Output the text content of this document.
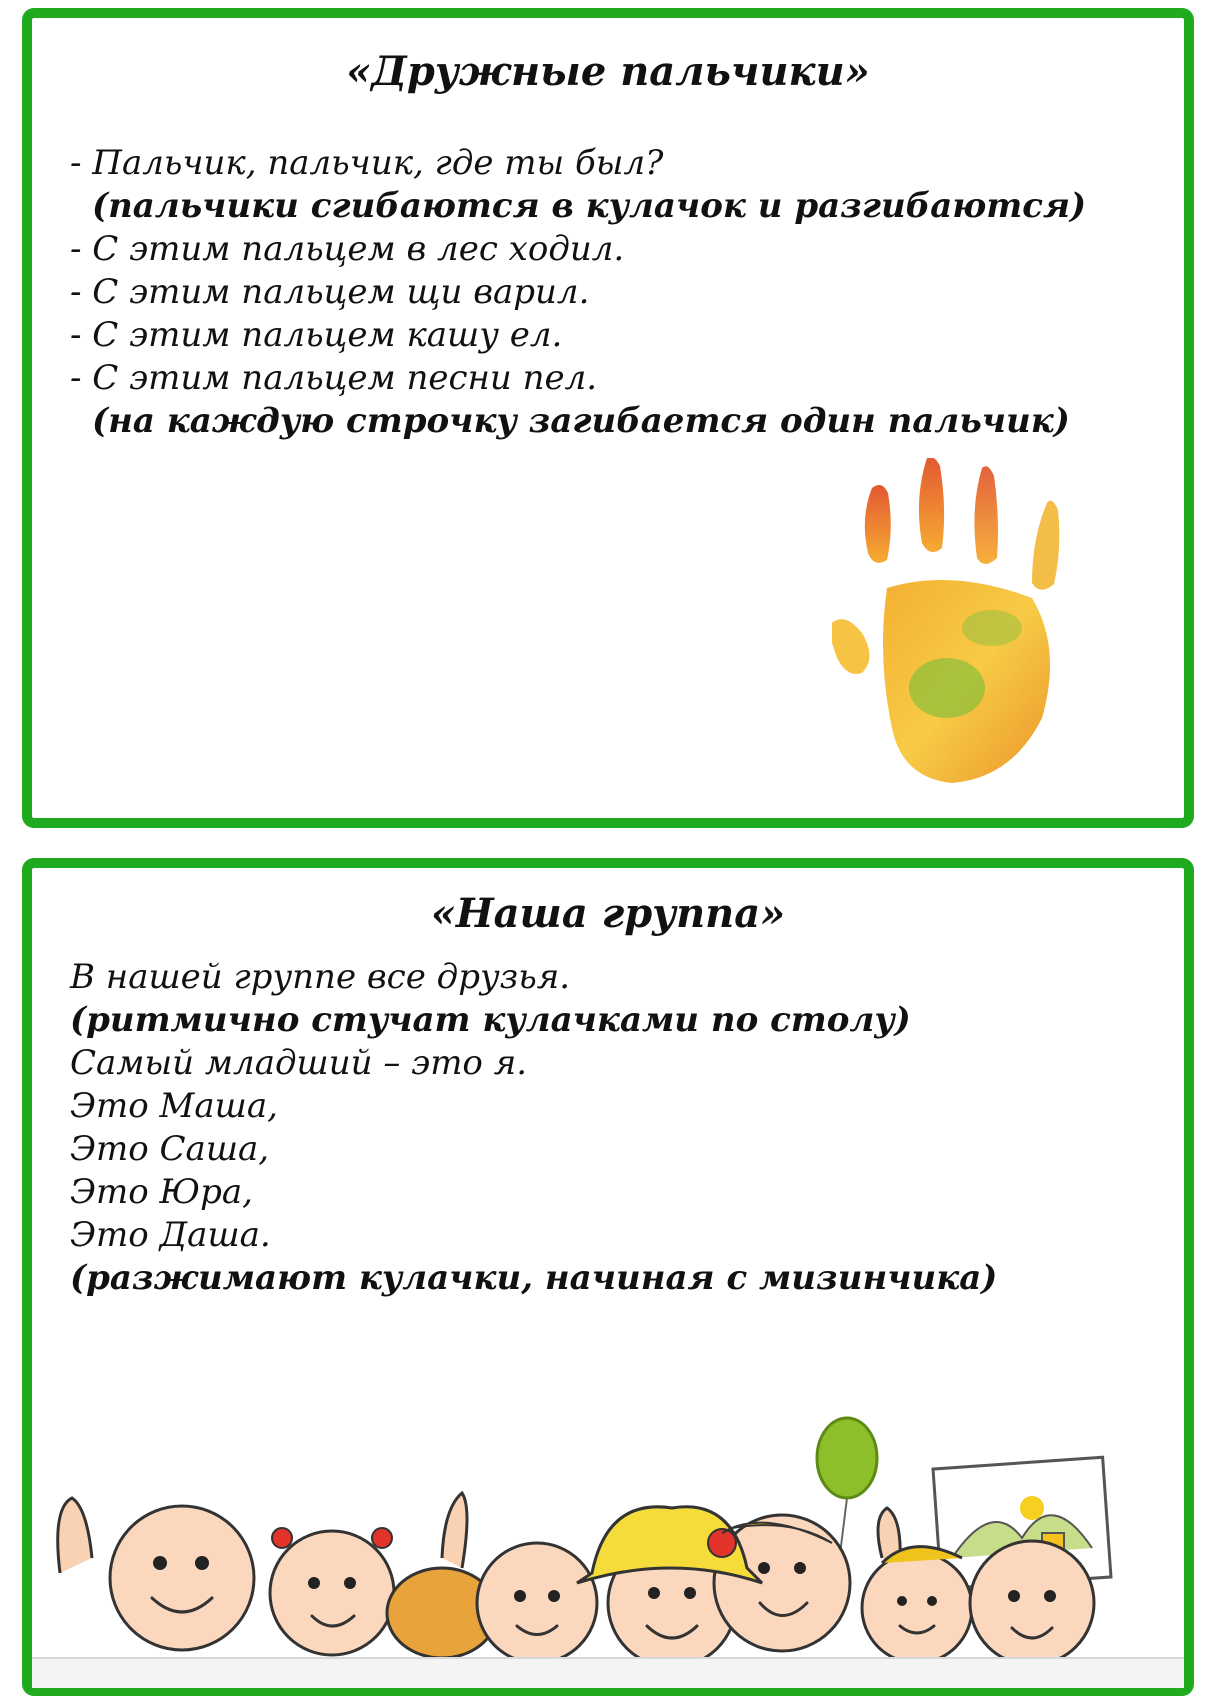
«Дружные пальчики»
- Пальчик, пальчик, где ты был?
(пальчики сгибаются в кулачок и разгибаются)
- С этим пальцем в лес ходил.
- С этим пальцем щи варил.
- С этим пальцем кашу ел.
- С этим пальцем песни пел.
(на каждую строчку загибается один пальчик)
«Наша группа»
В нашей группе все друзья.
(ритмично стучат кулачками по столу)
Самый младший – это я.
Это Маша,
Это Саша,
Это Юра,
Это Даша.
(разжимают кулачки, начиная с мизинчика)
